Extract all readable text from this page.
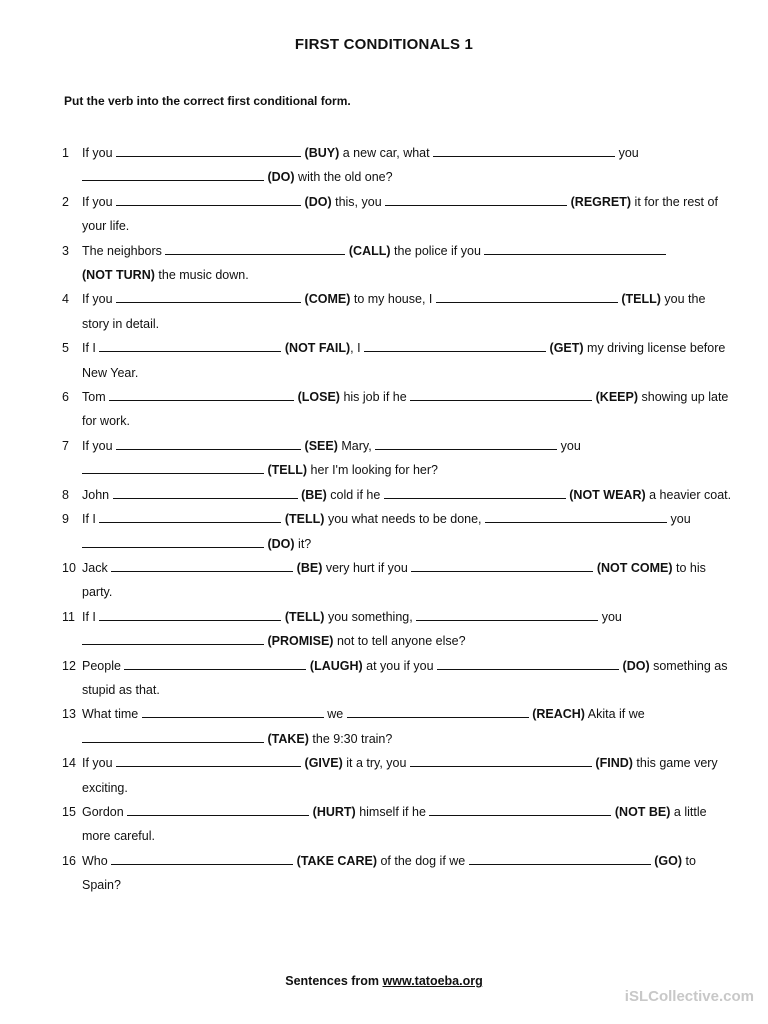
FIRST CONDITIONALS 1
Put the verb into the correct first conditional form.

1 If you	(BUY) a new car, what	you
(DO) with the old one?

2 If you	(DO) this, you	(REGRET) it for the rest of your life.

3 The neighbors	(CALL) the police if you
(NOT TURN) the music down.

4 If you	(COME) to my house, I	(TELL) you the story in detail.

5 If I	(NOT FAIL), I	(GET) my driving license before New Year.

6 Tom	(LOSE) his job if he	(KEEP) showing up late for work.

7 If you	(SEE) Mary,	you
(TELL) her I'm looking for her?

8 John	(BE) cold if he	(NOT WEAR) a heavier coat.

9 If I	(TELL) you what needs to be done,	you
(DO) it?

10 Jack	(BE) very hurt if you	(NOT COME) to his party.

11 If I	(TELL) you something,	you
(PROMISE) not to tell anyone else?

12 People	(LAUGH) at you if you	(DO) something as stupid as that.

13 What time	we	(REACH) Akita if we
(TAKE) the 9:30 train?

14 If you	(GIVE) it a try, you	(FIND) this game very exciting.

15 Gordon	(HURT) himself if he	(NOT BE) a little more careful.

16 Who	(TAKE CARE) of the dog if we	(GO) to Spain?

Sentences from www.tatoeba.org
iSLCollective.com
